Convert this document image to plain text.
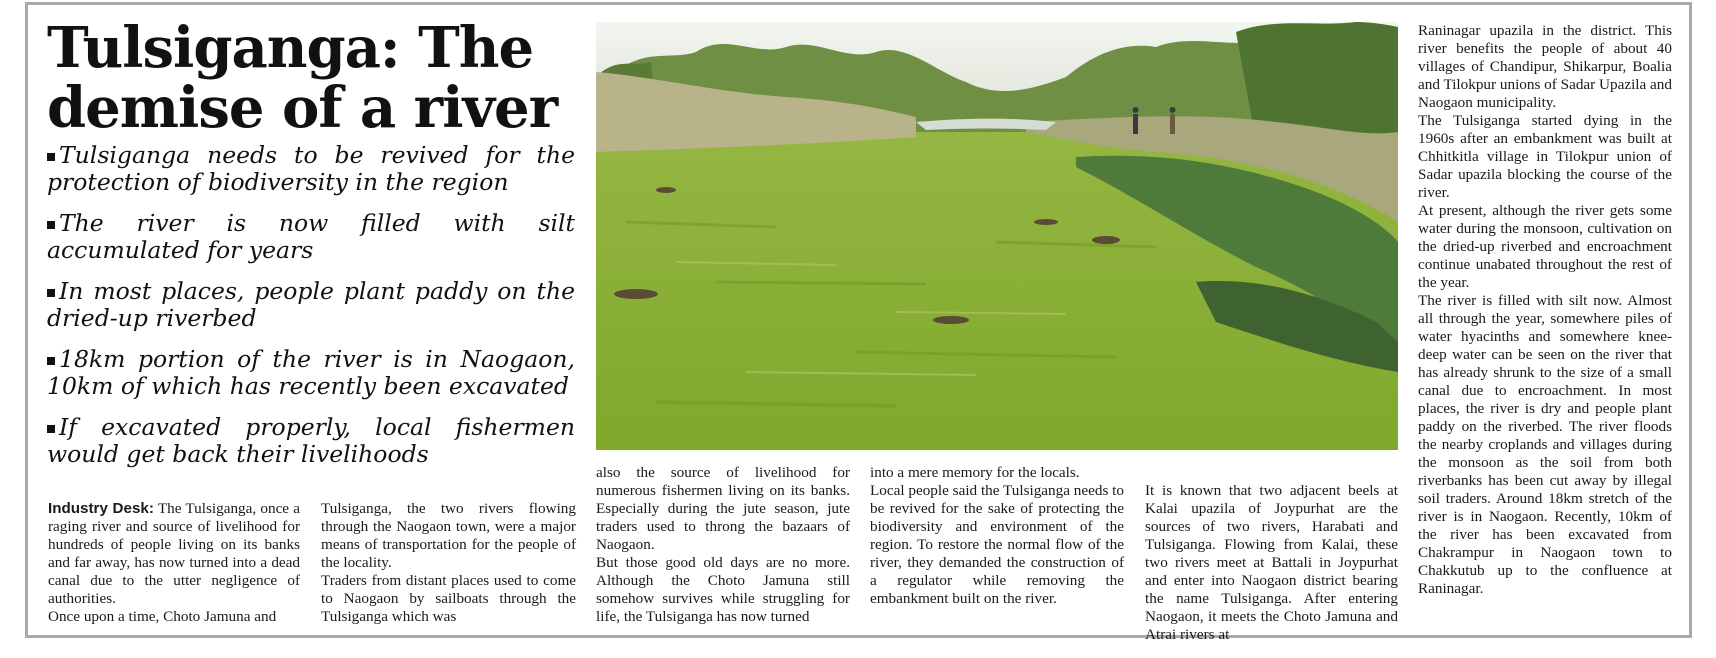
Tulsiganga: The demise of a river

Tulsiganga needs to be revived for the protection of biodiversity in the region

The river is now filled with silt accumulated for years

In most places, people plant paddy on the dried-up riverbed

18km portion of the river is in Naogaon, 10km of which has recently been excavated

If excavated properly, local fishermen would get back their livelihoods

Industry Desk: The Tulsiganga, once a raging river and source of livelihood for hundreds of people living on its banks and far away, has now turned into a dead canal due to the utter negligence of authorities.

Once upon a time, Choto Jamuna and

Tulsiganga, the two rivers flowing through the Naogaon town, were a major means of transportation for the people of the locality.

Traders from distant places used to come to Naogaon by sailboats through the Tulsiganga which was

also the source of livelihood for numerous fishermen living on its banks. Especially during the jute season, jute traders used to throng the bazaars of Naogaon.

But those good old days are no more. Although the Choto Jamuna still somehow survives while struggling for life, the Tulsiganga has now turned

into a mere memory for the locals.

Local people said the Tulsiganga needs to be revived for the sake of protecting the biodiversity and environment of the region. To restore the normal flow of the river, they demanded the construction of a regulator while removing the embankment built on the river.

It is known that two adjacent beels at Kalai upazila of Joypurhat are the sources of two rivers, Harabati and Tulsiganga. Flowing from Kalai, these two rivers meet at Battali in Joypurhat and enter into Naogaon district bearing the name Tulsiganga. After entering Naogaon, it meets the Choto Jamuna and Atrai rivers at

Raninagar upazila in the district. This river benefits the people of about 40 villages of Chandipur, Shikarpur, Boalia and Tilokpur unions of Sadar Upazila and Naogaon municipality.

The Tulsiganga started dying in the 1960s after an embankment was built at Chhitkitla village in Tilokpur union of Sadar upazila blocking the course of the river.

At present, although the river gets some water during the monsoon, cultivation on the dried-up riverbed and encroachment continue unabated throughout the rest of the year.

The river is filled with silt now. Almost all through the year, somewhere piles of water hyacinths and somewhere knee-deep water can be seen on the river that has already shrunk to the size of a small canal due to encroachment. In most places, the river is dry and people plant paddy on the riverbed. The river floods the nearby croplands and villages during the monsoon as the soil from both riverbanks has been cut away by illegal soil traders. Around 18km stretch of the river is in Naogaon. Recently, 10km of the river has been excavated from Chakrampur in Naogaon town to Chakkutub up to the confluence at Raninagar.
